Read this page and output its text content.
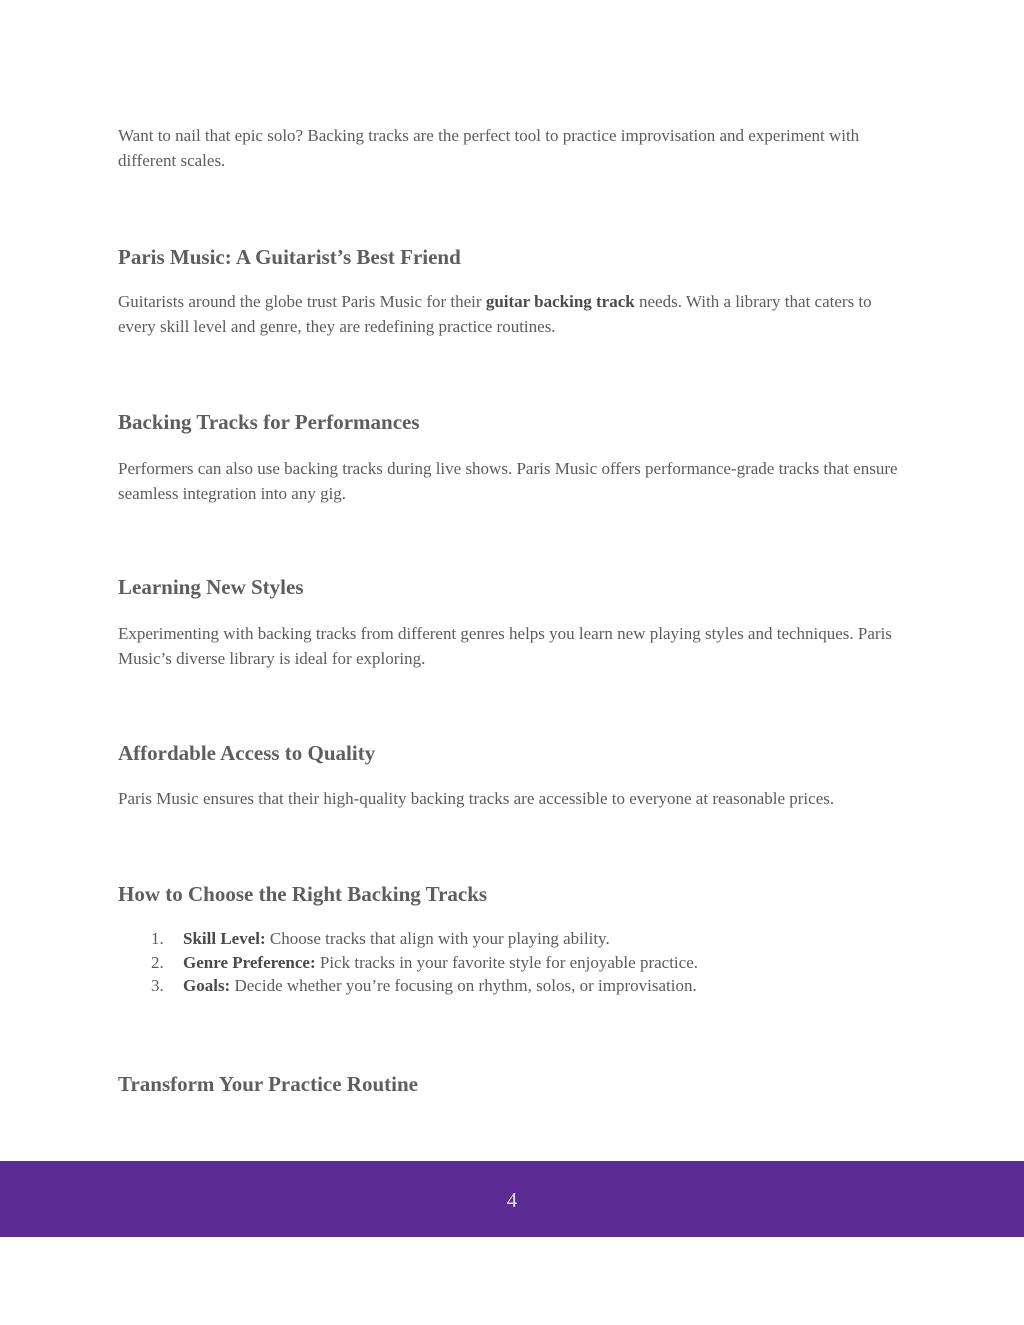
Want to nail that epic solo? Backing tracks are the perfect tool to practice improvisation and experiment with different scales.

Paris Music: A Guitarist’s Best Friend

Guitarists around the globe trust Paris Music for their guitar backing track needs. With a library that caters to every skill level and genre, they are redefining practice routines.

Backing Tracks for Performances

Performers can also use backing tracks during live shows. Paris Music offers performance-grade tracks that ensure seamless integration into any gig.

Learning New Styles

Experimenting with backing tracks from different genres helps you learn new playing styles and techniques. Paris Music’s diverse library is ideal for exploring.

Affordable Access to Quality

Paris Music ensures that their high-quality backing tracks are accessible to everyone at reasonable prices.

How to Choose the Right Backing Tracks
1. Skill Level: Choose tracks that align with your playing ability.
2. Genre Preference: Pick tracks in your favorite style for enjoyable practice.
3. Goals: Decide whether you’re focusing on rhythm, solos, or improvisation.
Transform Your Practice Routine
4
